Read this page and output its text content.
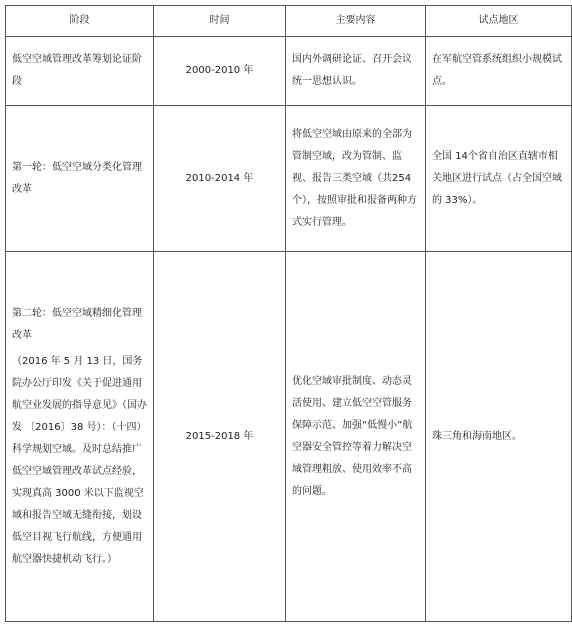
阶段	时间	主要内容	试点地区
低空空域管理改革筹划论证阶段	2000-2010 年	国内外调研论证、召开会议统一思想认识。	在军航空管系统组织小规模试点。
第一轮：低空空域分类化管理改革	2010-2014 年	将低空空域由原来的全部为管制空域，改为管制、监视、报告三类空域（共254个），按照审批和报备两种方式实行管理。	全国 14个省自治区直辖市相关地区进行试点（占全国空域的 33%）。

第二轮：低空空域精细化管理改革
（2016 年 5 月 13 日，国务院办公厅印发《关于促进通用航空业发展的指导意见》（国办发 〔2016〕38 号）：（十四）科学规划空域。及时总结推广低空空域管理改革试点经验，实现真高 3000 米以下监视空域和报告空域无缝衔接，划设低空目视飞行航线，方便通用航空器快捷机动飞行。）	2015-2018 年	优化空域审批制度、动态灵活使用、建立低空空管服务保障示范、加强“低慢小”航空器安全管控等着力解决空域管理粗放、使用效率不高的问题。	珠三角和海南地区。
